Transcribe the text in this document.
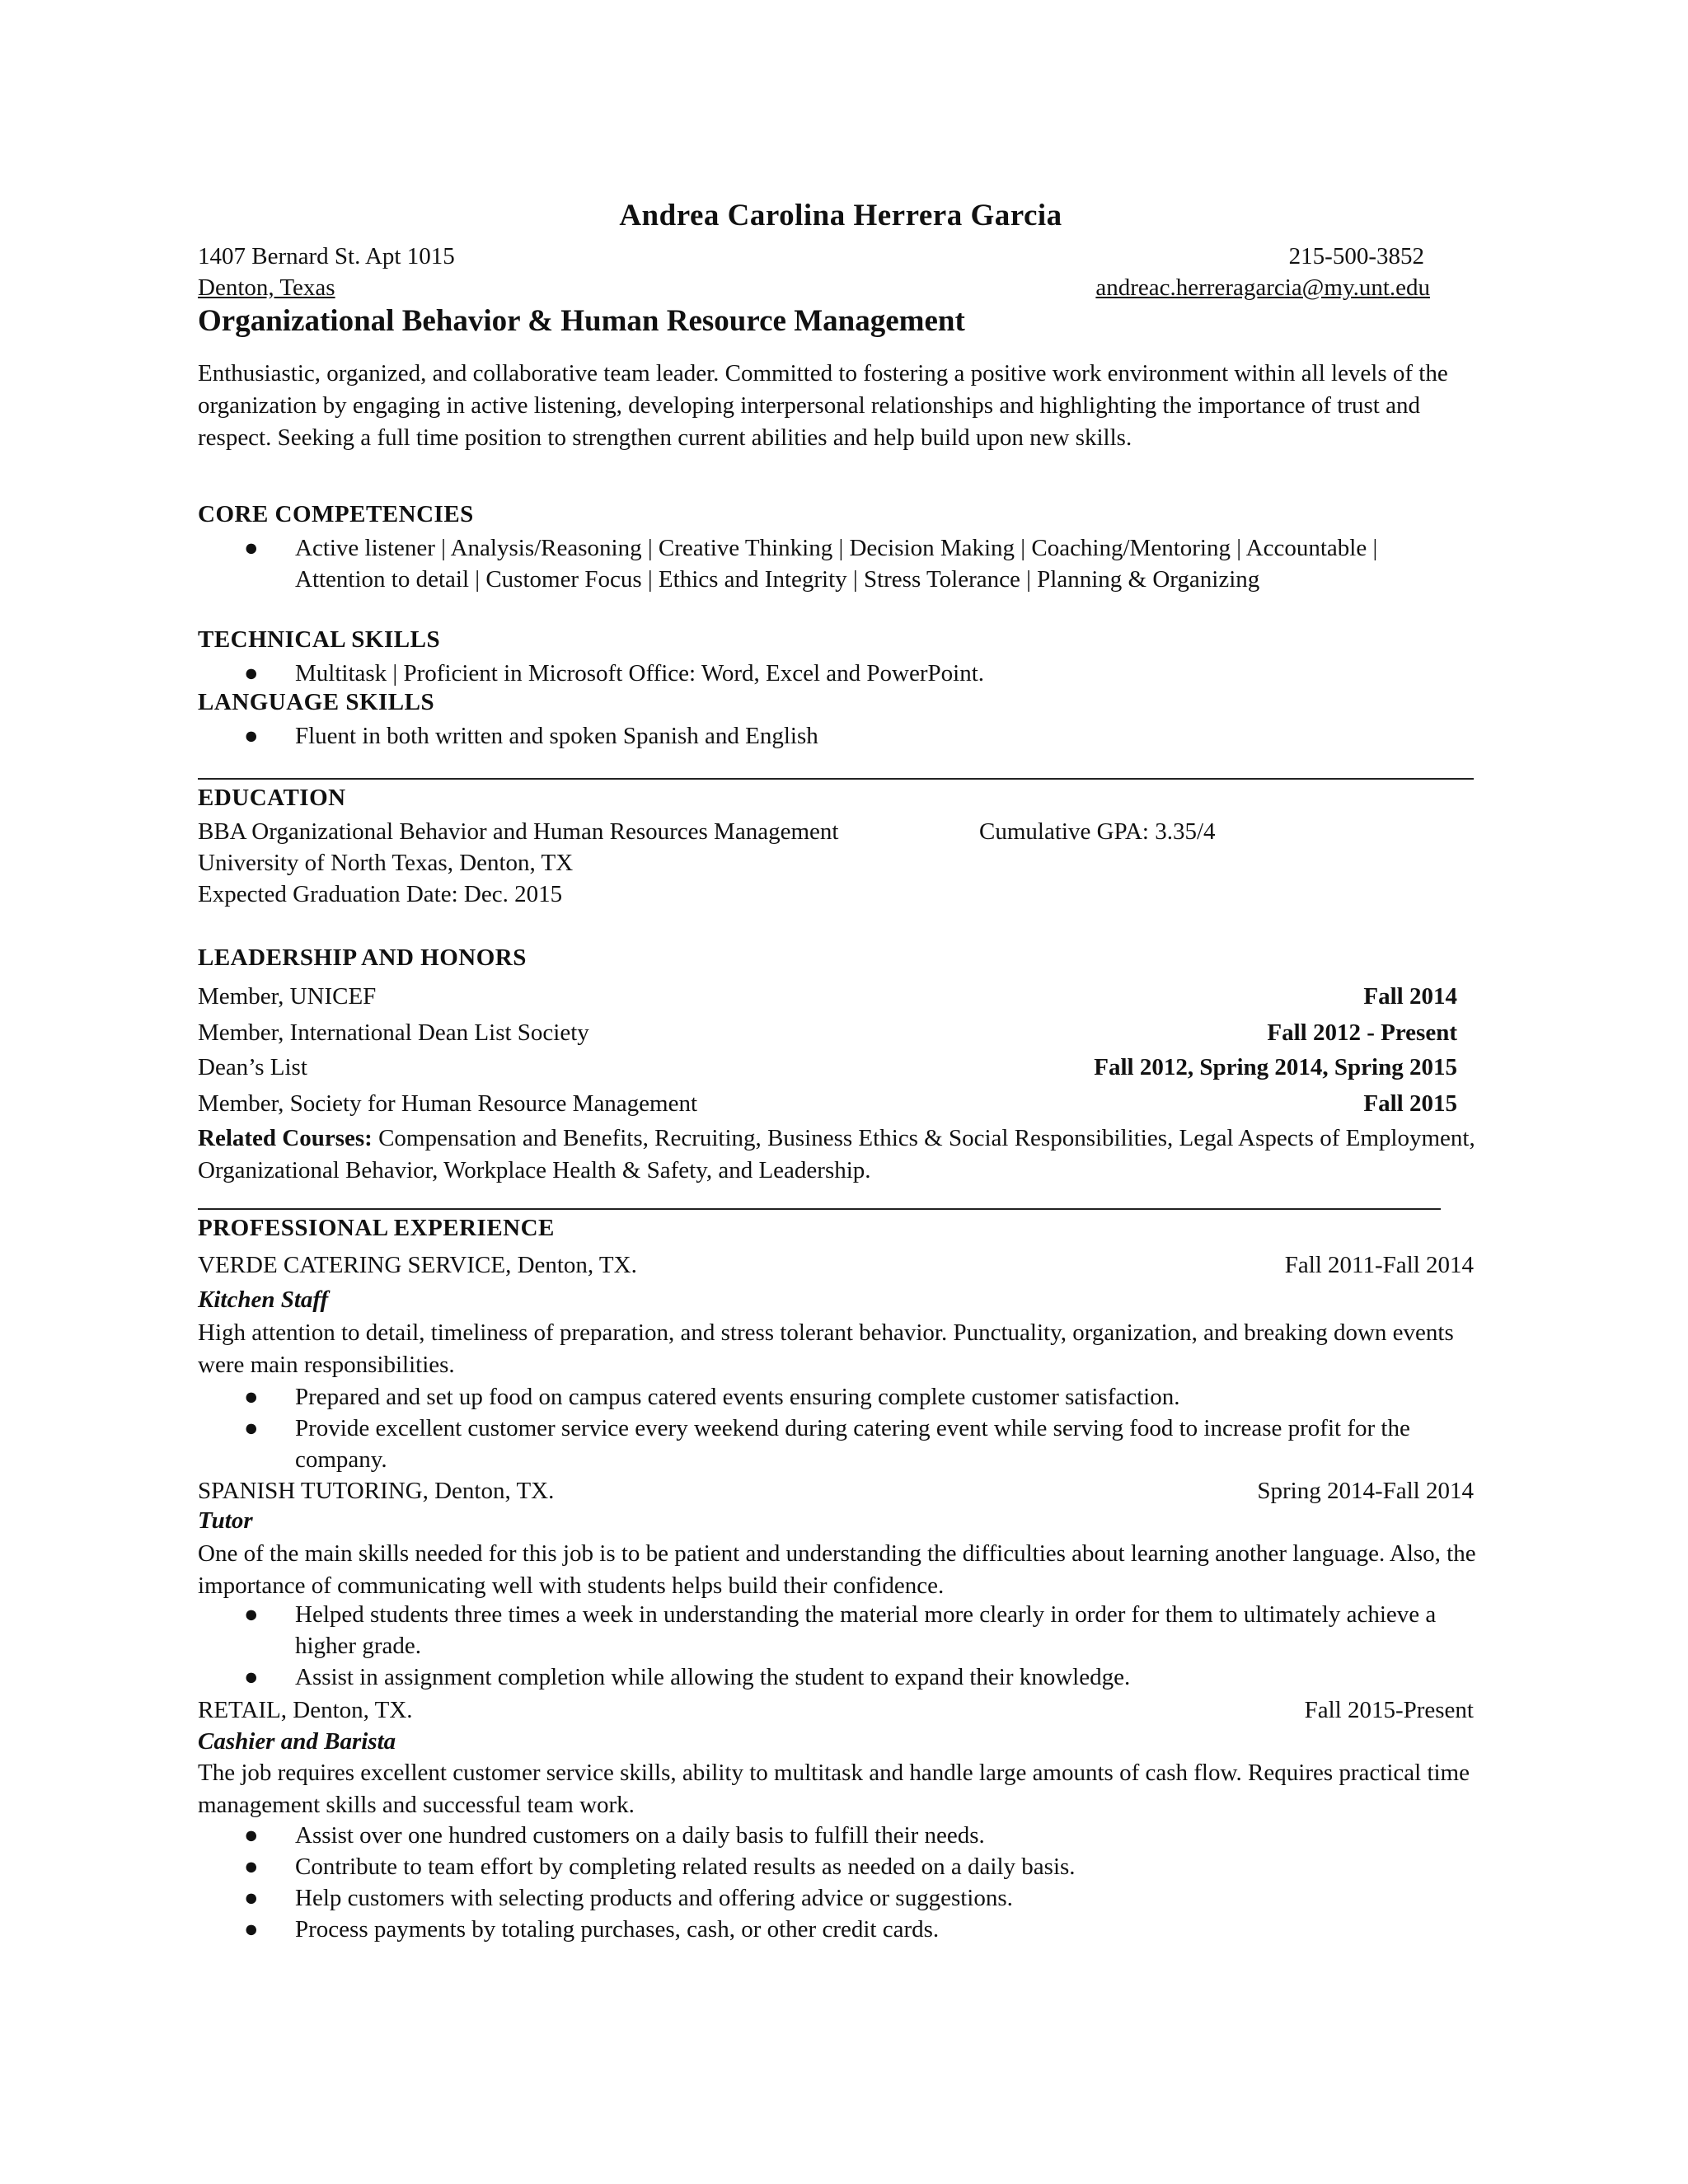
Andrea Carolina Herrera Garcia
1407 Bernard St. Apt 1015	215-500-3852
Denton, Texas	andreac.herreragarcia@my.unt.edu
Organizational Behavior & Human Resource Management
Enthusiastic, organized, and collaborative team leader. Committed to fostering a positive work environment within all levels of the organization by engaging in active listening, developing interpersonal relationships and highlighting the importance of trust and respect. Seeking a full time position to strengthen current abilities and help build upon new skills.
CORE COMPETENCIES
● Active listener | Analysis/Reasoning | Creative Thinking | Decision Making | Coaching/Mentoring | Accountable | Attention to detail | Customer Focus | Ethics and Integrity | Stress Tolerance | Planning & Organizing
TECHNICAL SKILLS
● Multitask | Proficient in Microsoft Office: Word, Excel and PowerPoint.
LANGUAGE SKILLS
● Fluent in both written and spoken Spanish and English
EDUCATION
BBA Organizational Behavior and Human Resources Management	Cumulative GPA: 3.35/4
University of North Texas, Denton, TX
Expected Graduation Date: Dec. 2015
LEADERSHIP AND HONORS
Member, UNICEF	Fall 2014
Member, International Dean List Society	Fall 2012 - Present
Dean’s List	Fall 2012, Spring 2014, Spring 2015
Member, Society for Human Resource Management	Fall 2015
Related Courses: Compensation and Benefits, Recruiting, Business Ethics & Social Responsibilities, Legal Aspects of Employment, Organizational Behavior, Workplace Health & Safety, and Leadership.
PROFESSIONAL EXPERIENCE
VERDE CATERING SERVICE, Denton, TX.	Fall 2011-Fall 2014
Kitchen Staff
High attention to detail, timeliness of preparation, and stress tolerant behavior. Punctuality, organization, and breaking down events were main responsibilities.
● Prepared and set up food on campus catered events ensuring complete customer satisfaction.
● Provide excellent customer service every weekend during catering event while serving food to increase profit for the company.
SPANISH TUTORING, Denton, TX.	Spring 2014-Fall 2014
Tutor
One of the main skills needed for this job is to be patient and understanding the difficulties about learning another language. Also, the importance of communicating well with students helps build their confidence.
● Helped students three times a week in understanding the material more clearly in order for them to ultimately achieve a higher grade.
● Assist in assignment completion while allowing the student to expand their knowledge.
RETAIL, Denton, TX.	Fall 2015-Present
Cashier and Barista
The job requires excellent customer service skills, ability to multitask and handle large amounts of cash flow. Requires practical time management skills and successful team work.
● Assist over one hundred customers on a daily basis to fulfill their needs.
● Contribute to team effort by completing related results as needed on a daily basis.
● Help customers with selecting products and offering advice or suggestions.
● Process payments by totaling purchases, cash, or other credit cards.
